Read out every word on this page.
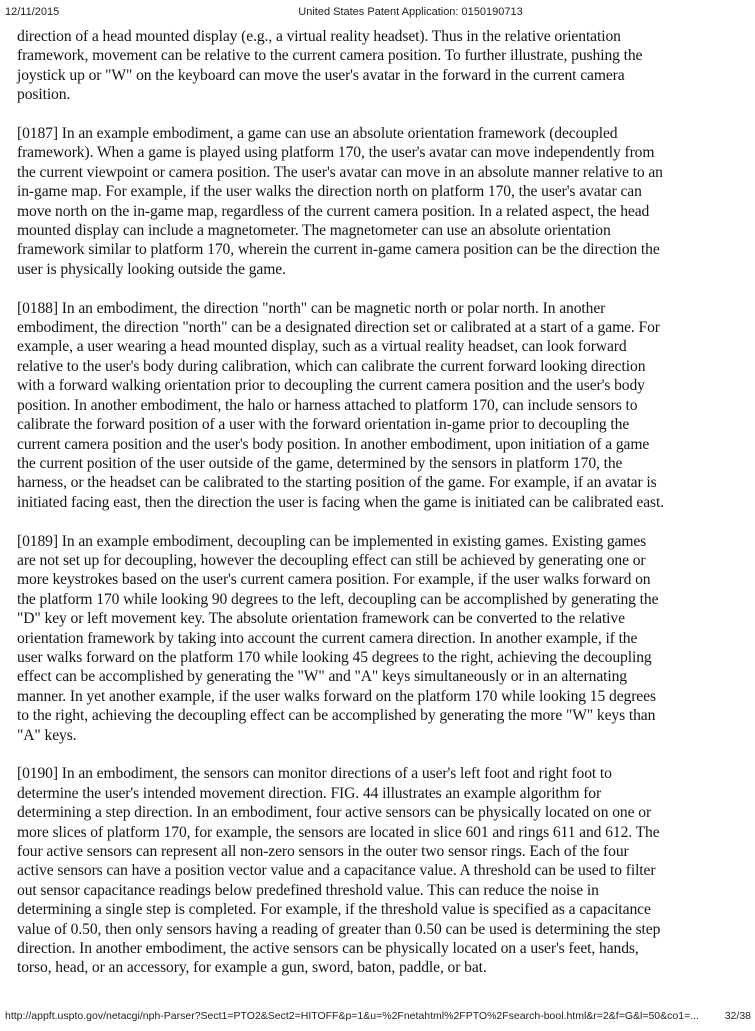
12/11/2015	United States Patent Application: 0150190713
direction of a head mounted display (e.g., a virtual reality headset). Thus in the relative orientation
framework, movement can be relative to the current camera position. To further illustrate, pushing the
joystick up or "W" on the keyboard can move the user's avatar in the forward in the current camera
position.
[0187] In an example embodiment, a game can use an absolute orientation framework (decoupled
framework). When a game is played using platform 170, the user's avatar can move independently from
the current viewpoint or camera position. The user's avatar can move in an absolute manner relative to an
in-game map. For example, if the user walks the direction north on platform 170, the user's avatar can
move north on the in-game map, regardless of the current camera position. In a related aspect, the head
mounted display can include a magnetometer. The magnetometer can use an absolute orientation
framework similar to platform 170, wherein the current in-game camera position can be the direction the
user is physically looking outside the game.
[0188] In an embodiment, the direction "north" can be magnetic north or polar north. In another
embodiment, the direction "north" can be a designated direction set or calibrated at a start of a game. For
example, a user wearing a head mounted display, such as a virtual reality headset, can look forward
relative to the user's body during calibration, which can calibrate the current forward looking direction
with a forward walking orientation prior to decoupling the current camera position and the user's body
position. In another embodiment, the halo or harness attached to platform 170, can include sensors to
calibrate the forward position of a user with the forward orientation in-game prior to decoupling the
current camera position and the user's body position. In another embodiment, upon initiation of a game
the current position of the user outside of the game, determined by the sensors in platform 170, the
harness, or the headset can be calibrated to the starting position of the game. For example, if an avatar is
initiated facing east, then the direction the user is facing when the game is initiated can be calibrated east.
[0189] In an example embodiment, decoupling can be implemented in existing games. Existing games
are not set up for decoupling, however the decoupling effect can still be achieved by generating one or
more keystrokes based on the user's current camera position. For example, if the user walks forward on
the platform 170 while looking 90 degrees to the left, decoupling can be accomplished by generating the
"D" key or left movement key. The absolute orientation framework can be converted to the relative
orientation framework by taking into account the current camera direction. In another example, if the
user walks forward on the platform 170 while looking 45 degrees to the right, achieving the decoupling
effect can be accomplished by generating the "W" and "A" keys simultaneously or in an alternating
manner. In yet another example, if the user walks forward on the platform 170 while looking 15 degrees
to the right, achieving the decoupling effect can be accomplished by generating the more "W" keys than
"A" keys.
[0190] In an embodiment, the sensors can monitor directions of a user's left foot and right foot to
determine the user's intended movement direction. FIG. 44 illustrates an example algorithm for
determining a step direction. In an embodiment, four active sensors can be physically located on one or
more slices of platform 170, for example, the sensors are located in slice 601 and rings 611 and 612. The
four active sensors can represent all non-zero sensors in the outer two sensor rings. Each of the four
active sensors can have a position vector value and a capacitance value. A threshold can be used to filter
out sensor capacitance readings below predefined threshold value. This can reduce the noise in
determining a single step is completed. For example, if the threshold value is specified as a capacitance
value of 0.50, then only sensors having a reading of greater than 0.50 can be used is determining the step
direction. In another embodiment, the active sensors can be physically located on a user's feet, hands,
torso, head, or an accessory, for example a gun, sword, baton, paddle, or bat.
http://appft.uspto.gov/netacgi/nph-Parser?Sect1=PTO2&Sect2=HITOFF&p=1&u=%2Fnetahtml%2FPTO%2Fsearch-bool.html&r=2&f=G&l=50&co1=... 32/38
